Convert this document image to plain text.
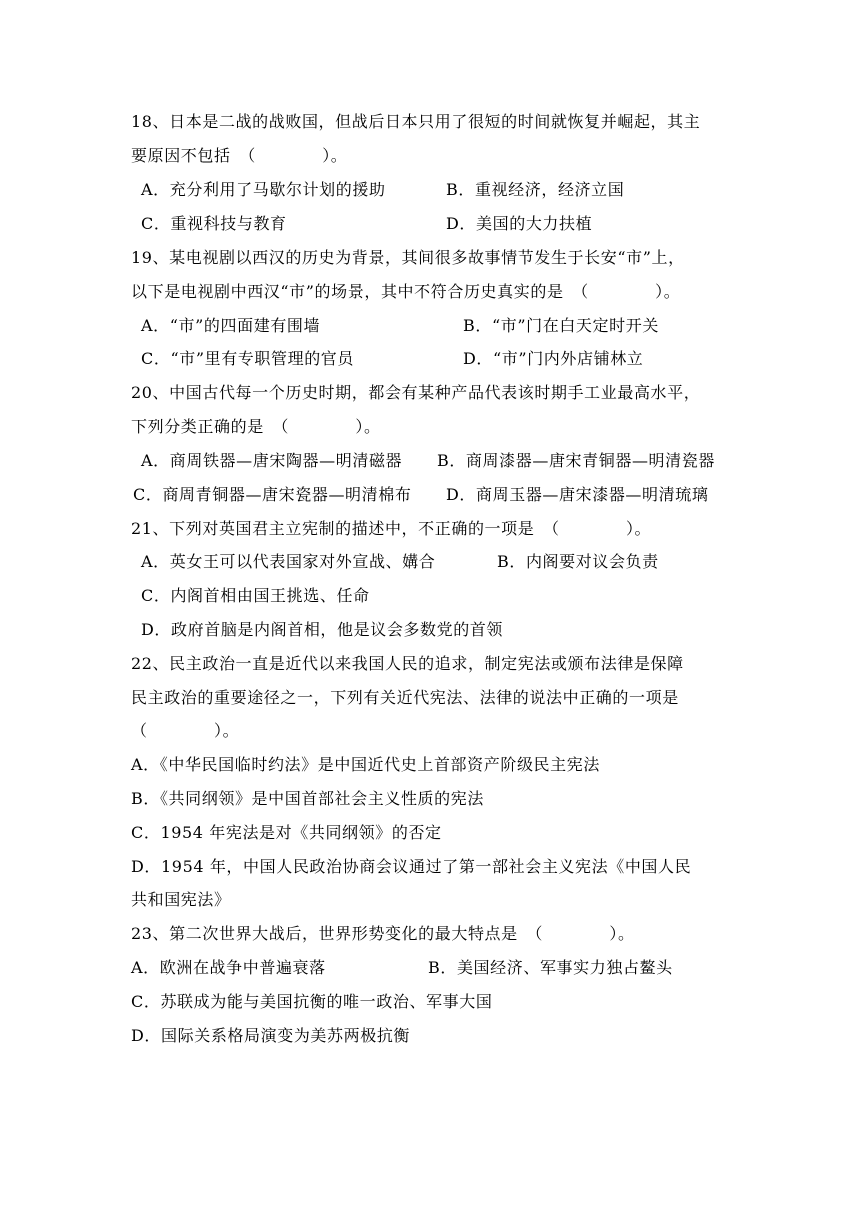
18、日本是二战的战败国，但战后日本只用了很短的时间就恢复并崛起，其主
要原因不包括　（　　　　）。
A．充分利用了马歇尔计划的援助	B．重视经济，经济立国
C．重视科技与教育	D．美国的大力扶植
19、某电视剧以西汉的历史为背景，其间很多故事情节发生于长安“市”上，
以下是电视剧中西汉“市”的场景，其中不符合历史真实的是　（　　　　）。
A．“市”的四面建有围墙	B．“市”门在白天定时开关
C．“市”里有专职管理的官员	D．“市”门内外店铺林立
20、中国古代每一个历史时期，都会有某种产品代表该时期手工业最高水平，
下列分类正确的是　（　　　　）。
A．商周铁器—唐宋陶器—明清磁器 B．商周漆器—唐宋青铜器—明清瓷器
C．商周青铜器—唐宋瓷器—明清棉布 D．商周玉器—唐宋漆器—明清琉璃
21、下列对英国君主立宪制的描述中，不正确的一项是　（　　　　）。
A．英女王可以代表国家对外宣战、媾合	B．内阁要对议会负责
C．内阁首相由国王挑选、任命
D．政府首脑是内阁首相，他是议会多数党的首领
22、民主政治一直是近代以来我国人民的追求，制定宪法或颁布法律是保障
民主政治的重要途径之一，下列有关近代宪法、法律的说法中正确的一项是
（　　　　）。
A．《中华民国临时约法》是中国近代史上首部资产阶级民主宪法
B．《共同纲领》是中国首部社会主义性质的宪法
C．1954 年宪法是对《共同纲领》的否定
D．1954 年，中国人民政治协商会议通过了第一部社会主义宪法《中国人民
共和国宪法》
23、第二次世界大战后，世界形势变化的最大特点是　（　　　　）。
A．欧洲在战争中普遍衰落	B．美国经济、军事实力独占鳌头
C．苏联成为能与美国抗衡的唯一政治、军事大国
D．国际关系格局演变为美苏两极抗衡
